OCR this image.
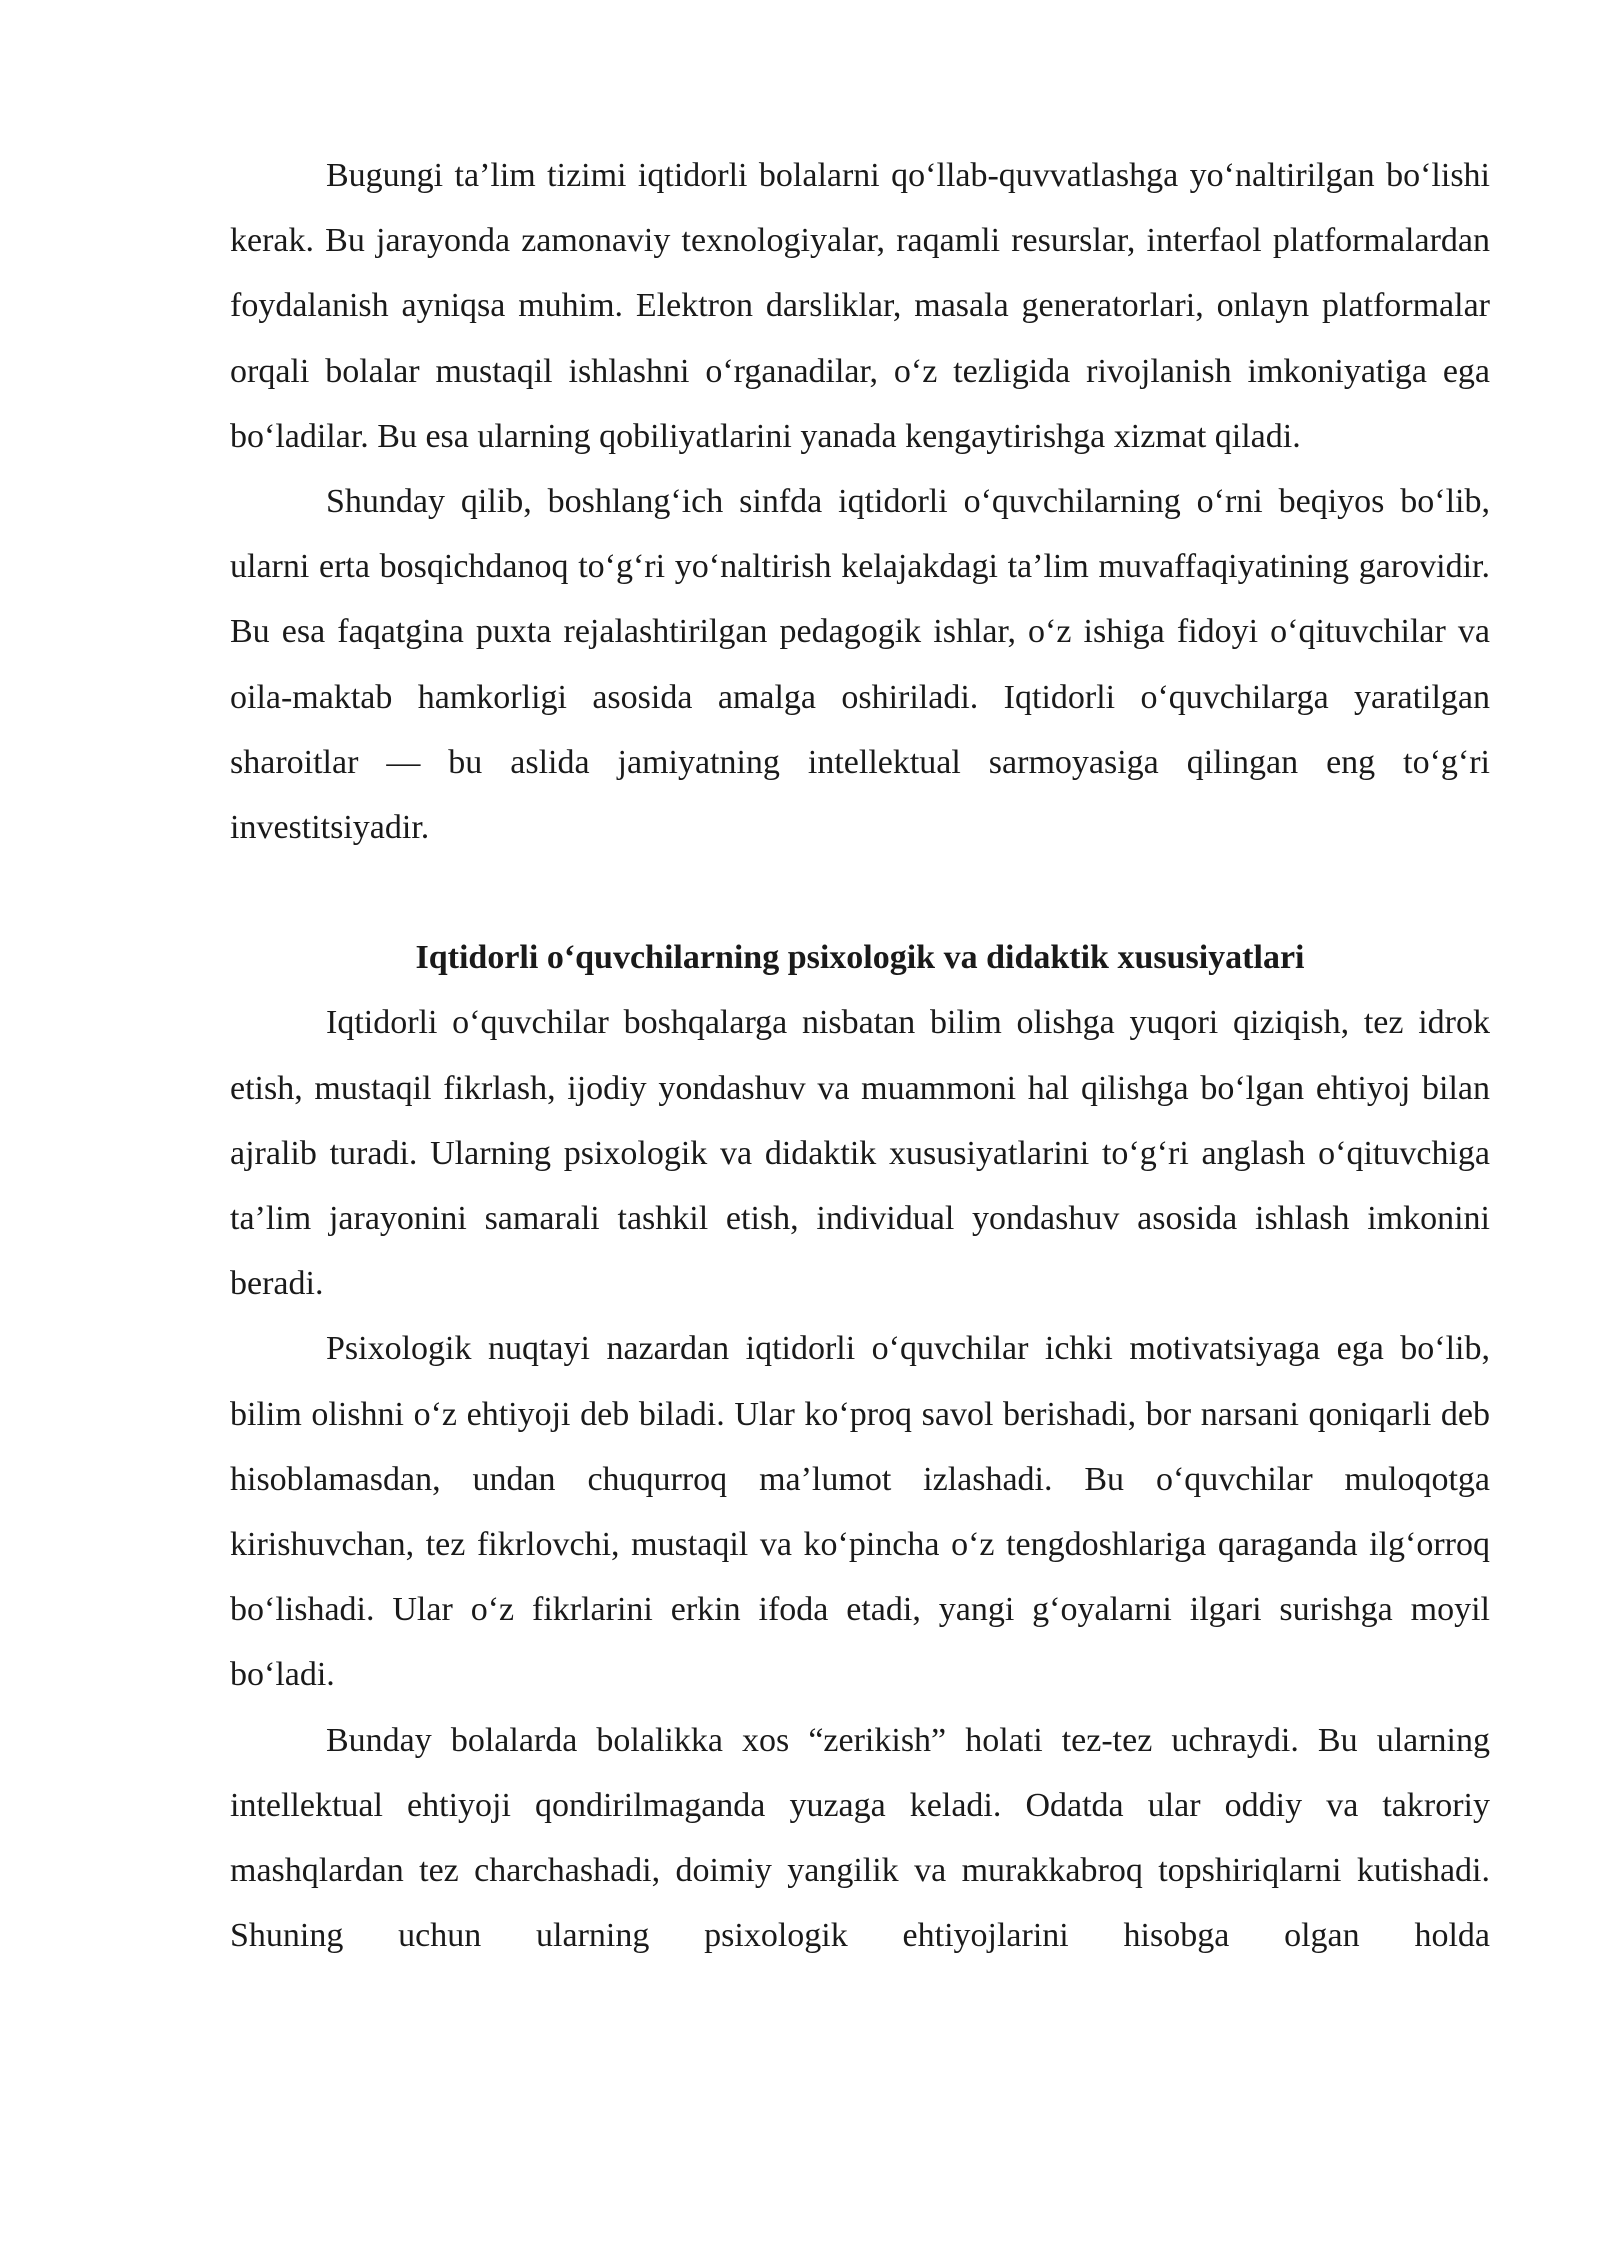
Bugungi ta’lim tizimi iqtidorli bolalarni qo‘llab-quvvatlashga yo‘naltirilgan bo‘lishi kerak. Bu jarayonda zamonaviy texnologiyalar, raqamli resurslar, interfaol platformalardan foydalanish ayniqsa muhim. Elektron darsliklar, masala generatorlari, onlayn platformalar orqali bolalar mustaqil ishlashni o‘rganadilar, o‘z tezligida rivojlanish imkoniyatiga ega bo‘ladilar. Bu esa ularning qobiliyatlarini yanada kengaytirishga xizmat qiladi.

Shunday qilib, boshlang‘ich sinfda iqtidorli o‘quvchilarning o‘rni beqiyos bo‘lib, ularni erta bosqichdanoq to‘g‘ri yo‘naltirish kelajakdagi ta’lim muvaffaqiyatining garovidir. Bu esa faqatgina puxta rejalashtirilgan pedagogik ishlar, o‘z ishiga fidoyi o‘qituvchilar va oila-maktab hamkorligi asosida amalga oshiriladi. Iqtidorli o‘quvchilarga yaratilgan sharoitlar — bu aslida jamiyatning intellektual sarmoyasiga qilingan eng to‘g‘ri investitsiyadir.

Iqtidorli o‘quvchilarning psixologik va didaktik xususiyatlari

Iqtidorli o‘quvchilar boshqalarga nisbatan bilim olishga yuqori qiziqish, tez idrok etish, mustaqil fikrlash, ijodiy yondashuv va muammoni hal qilishga bo‘lgan ehtiyoj bilan ajralib turadi. Ularning psixologik va didaktik xususiyatlarini to‘g‘ri anglash o‘qituvchiga ta’lim jarayonini samarali tashkil etish, individual yondashuv asosida ishlash imkonini beradi.

Psixologik nuqtayi nazardan iqtidorli o‘quvchilar ichki motivatsiyaga ega bo‘lib, bilim olishni o‘z ehtiyoji deb biladi. Ular ko‘proq savol berishadi, bor narsani qoniqarli deb hisoblamasdan, undan chuqurroq ma’lumot izlashadi. Bu o‘quvchilar muloqotga kirishuvchan, tez fikrlovchi, mustaqil va ko‘pincha o‘z tengdoshlariga qaraganda ilg‘orroq bo‘lishadi. Ular o‘z fikrlarini erkin ifoda etadi, yangi g‘oyalarni ilgari surishga moyil bo‘ladi.

Bunday bolalarda bolalikka xos “zerikish” holati tez-tez uchraydi. Bu ularning intellektual ehtiyoji qondirilmaganda yuzaga keladi. Odatda ular oddiy va takroriy mashqlardan tez charchashadi, doimiy yangilik va murakkabroq topshiriqlarni kutishadi. Shuning uchun ularning psixologik ehtiyojlarini hisobga olgan holda
